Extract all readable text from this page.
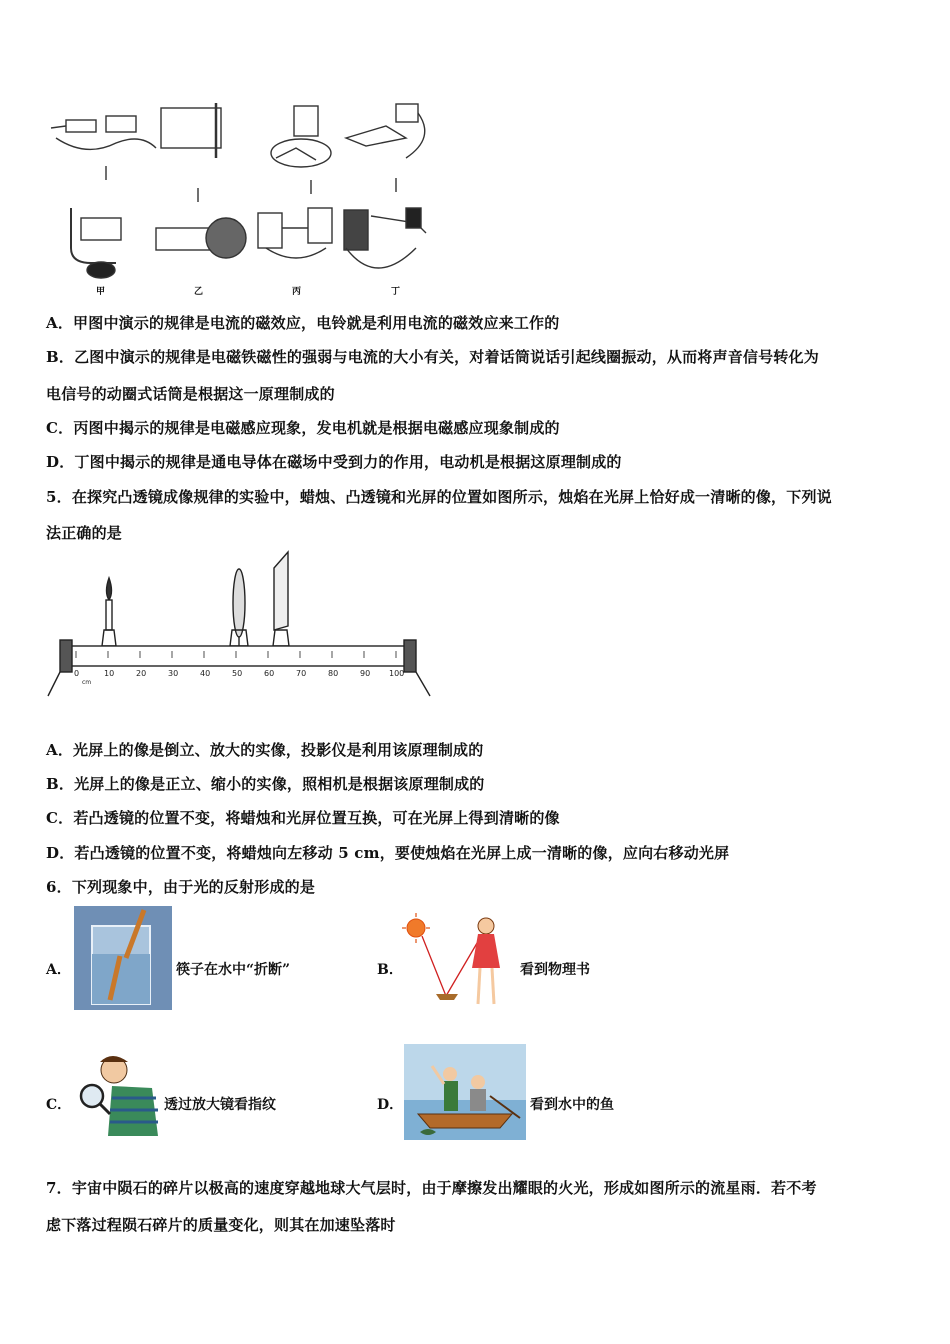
甲	乙	丙	丁
A．甲图中演示的规律是电流的磁效应，电铃就是利用电流的磁效应来工作的
B．乙图中演示的规律是电磁铁磁性的强弱与电流的大小有关，对着话筒说话引起线圈振动，从而将声音信号转化为
电信号的动圈式话筒是根据这一原理制成的
C．丙图中揭示的规律是电磁感应现象，发电机就是根据电磁感应现象制成的
D．丁图中揭示的规律是通电导体在磁场中受到力的作用，电动机是根据这原理制成的
5．在探究凸透镜成像规律的实验中，蜡烛、凸透镜和光屏的位置如图所示，烛焰在光屏上恰好成一清晰的像，下列说
法正确的是
0	10	20	30	40	50	60	70	80	90 100
cm
A．光屏上的像是倒立、放大的实像，投影仪是利用该原理制成的
B．光屏上的像是正立、缩小的实像，照相机是根据该原理制成的
C．若凸透镜的位置不变，将蜡烛和光屏位置互换，可在光屏上得到清晰的像
D．若凸透镜的位置不变，将蜡烛向左移动 5 cm，要使烛焰在光屏上成一清晰的像，应向右移动光屏
6．下列现象中，由于光的反射形成的是
A．	筷子在水中“折断”	B．	看到物理书
C．	透过放大镜看指纹	D．	看到水中的鱼
7．宇宙中陨石的碎片以极高的速度穿越地球大气层时，由于摩擦发出耀眼的火光，形成如图所示的流星雨．若不考
虑下落过程陨石碎片的质量变化，则其在加速坠落时
